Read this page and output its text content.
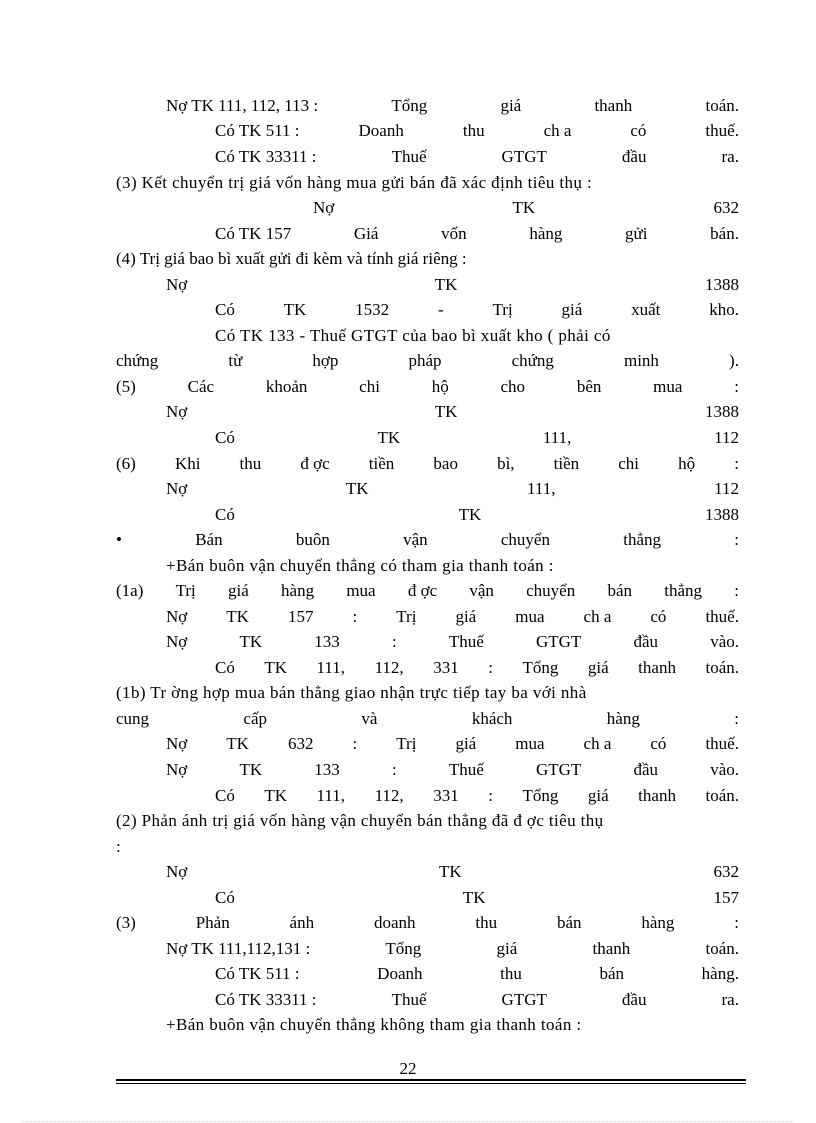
Nợ TK 111, 112, 113 :	Tổng	giá	thanh	toán.
Có TK 511 :	Doanh	thu	ch a	có	thuế.
Có TK 33311 :	Thuế	GTGT	đầu	ra.
(3) Kết chuyển trị giá vốn hàng mua gửi bán đã xác định tiêu thụ :
Nợ	TK	632
Có TK 157	Giá	vốn	hàng	gửi	bán.
(4) Trị giá bao bì xuất gửi đi kèm và tính giá riêng :
Nợ	TK	1388
Có	TK	1532	-	Trị	giá	xuất	kho.
Có TK 133 - Thuế GTGT của bao bì xuất kho ( phải có
chứng	từ	hợp	pháp	chứng	minh	).
(5)	Các	khoản	chi	hộ	cho	bên	mua	:
Nợ	TK	1388
Có	TK	111,	112
(6) Khi thu đ ợc tiền bao bì, tiền chi hộ :
Nợ	TK	111,	112
Có	TK	1388
•	Bán	buôn	vận	chuyển	thẳng	:
+Bán buôn vận chuyển thẳng có tham gia thanh toán :
(1a) Trị giá hàng mua đ ợc vận chuyển bán thẳng :
Nợ TK 157 : Trị giá mua ch a có thuế.
Nợ	TK	133	:	Thuế	GTGT	đầu	vào.
Có TK 111, 112, 331 : Tổng giá thanh toán.
(1b) Tr ờng hợp mua bán thẳng giao nhận trực tiếp tay ba với nhà
cung	cấp	và	khách	hàng	:
Nợ TK 632 : Trị giá mua ch a có thuế.
Nợ	TK	133	:	Thuế	GTGT	đầu	vào.
Có TK 111, 112, 331 : Tổng giá thanh toán.
(2) Phản ánh trị giá vốn hàng vận chuyển bán thẳng đã đ ợc tiêu thụ
:
Nợ	TK	632
Có	TK	157
(3)	Phản	ánh	doanh	thu	bán	hàng	:
Nợ TK 111,112,131 :	Tổng	giá	thanh	toán.
Có TK 511 :	Doanh	thu	bán	hàng.
Có TK 33311 :	Thuế	GTGT	đầu	ra.
+Bán buôn vận chuyển thẳng không tham gia thanh toán :
22
